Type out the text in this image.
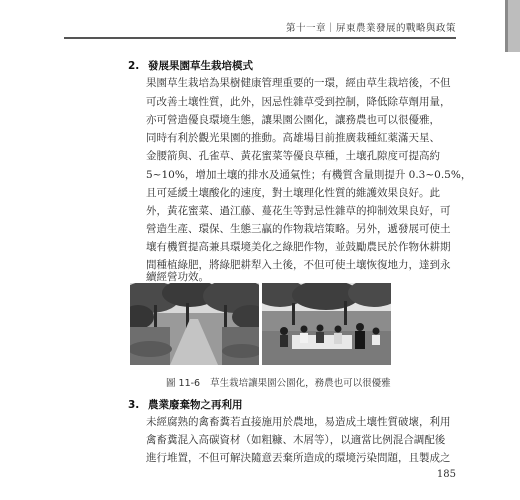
第十一章｜屏東農業發展的戰略與政策
2. 發展果園草生栽培模式
果園草生栽培為果樹健康管理重要的一環，經由草生栽培後，不但
可改善土壤性質，此外，因忌性雜草受到控制，降低除草劑用量，
亦可營造優良環境生態，讓果園公園化，讓務農也可以很優雅，
同時有利於觀光果園的推動。高雄場目前推廣栽種紅薬滿天星、
金腰箭與、孔雀草、黃花蜜菜等優良草種，土壤孔隙度可提高約
5~10%，增加土壤的排水及通氣性；有機質含量則提升 0.3~0.5%，
且可延緩土壤酸化的速度，對土壤理化性質的維護效果良好。此
外，黃花蜜菜、過江藤、蔓花生等對忌性雜草的抑制效果良好，可
營造生產、環保、生態三贏的作物栽培策略。另外，遞發展可使土
壤有機質提高兼具環境美化之綠肥作物，並鼓勵農民於作物休耕期
間種植綠肥，將綠肥耕犁入土後，不但可使土壤恢復地力，達到永
續經營功效。
圖 11-6 草生栽培讓果園公園化，務農也可以很優雅
3. 農業廢棄物之再利用
未經腐熟的禽畜糞若直接施用於農地，易造成土壤性質破壞，利用
禽畜糞混入高碳資材（如粗糠、木屑等），以適當比例混合調配後
進行堆置，不但可解決隨意丟棄所造成的環境污染問題，且製成之
185
